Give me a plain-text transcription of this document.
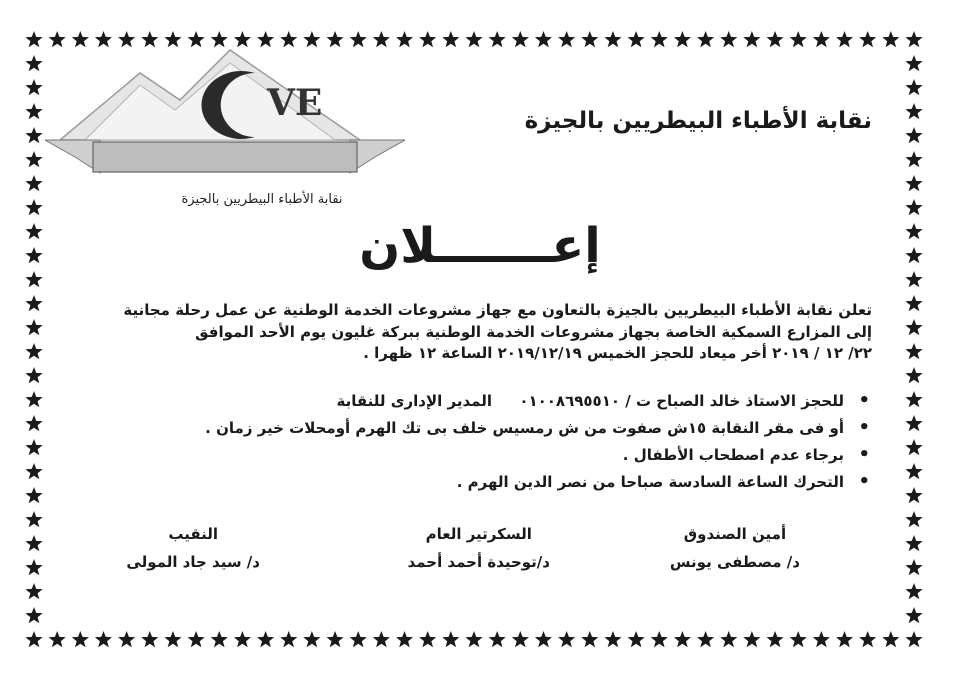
VE
نقابة الأطباء البيطريين بالجيزة
نقابة الأطباء البيطريين بالجيزة
إعـــــــلان

تعلن نقابة الأطباء البيطريين بالجيزة بالتعاون مع جهاز مشروعات الخدمة الوطنية عن عمل رحلة مجانية

إلى المزارع السمكية الخاصة بجهاز مشروعات الخدمة الوطنية ببركة غليون يوم الأحد الموافق

٢٢/ ١٢ / ٢٠١٩ أخر ميعاد للحجز الخميس ٢٠١٩/١٢/١٩ الساعة ١٢ ظهرا .

•
للحجز الاستاذ خالد الصباح ت / ٠١٠٠٨٦٩٥٥١٠
المدير الإدارى للنقابة
•
أو فى مقر النقابة ١٥ش صفوت من ش رمسيس خلف بى تك الهرم أومحلات خير زمان .
•
برجاء عدم اصطحاب الأطفال .
•
التحرك الساعة السادسة صباحا من نصر الدين الهرم .
أمين الصندوق
د/ مصطفى يونس
السكرتير العام
د/توحيدة أحمد أحمد
النقيب
د/ سيد جاد المولى
